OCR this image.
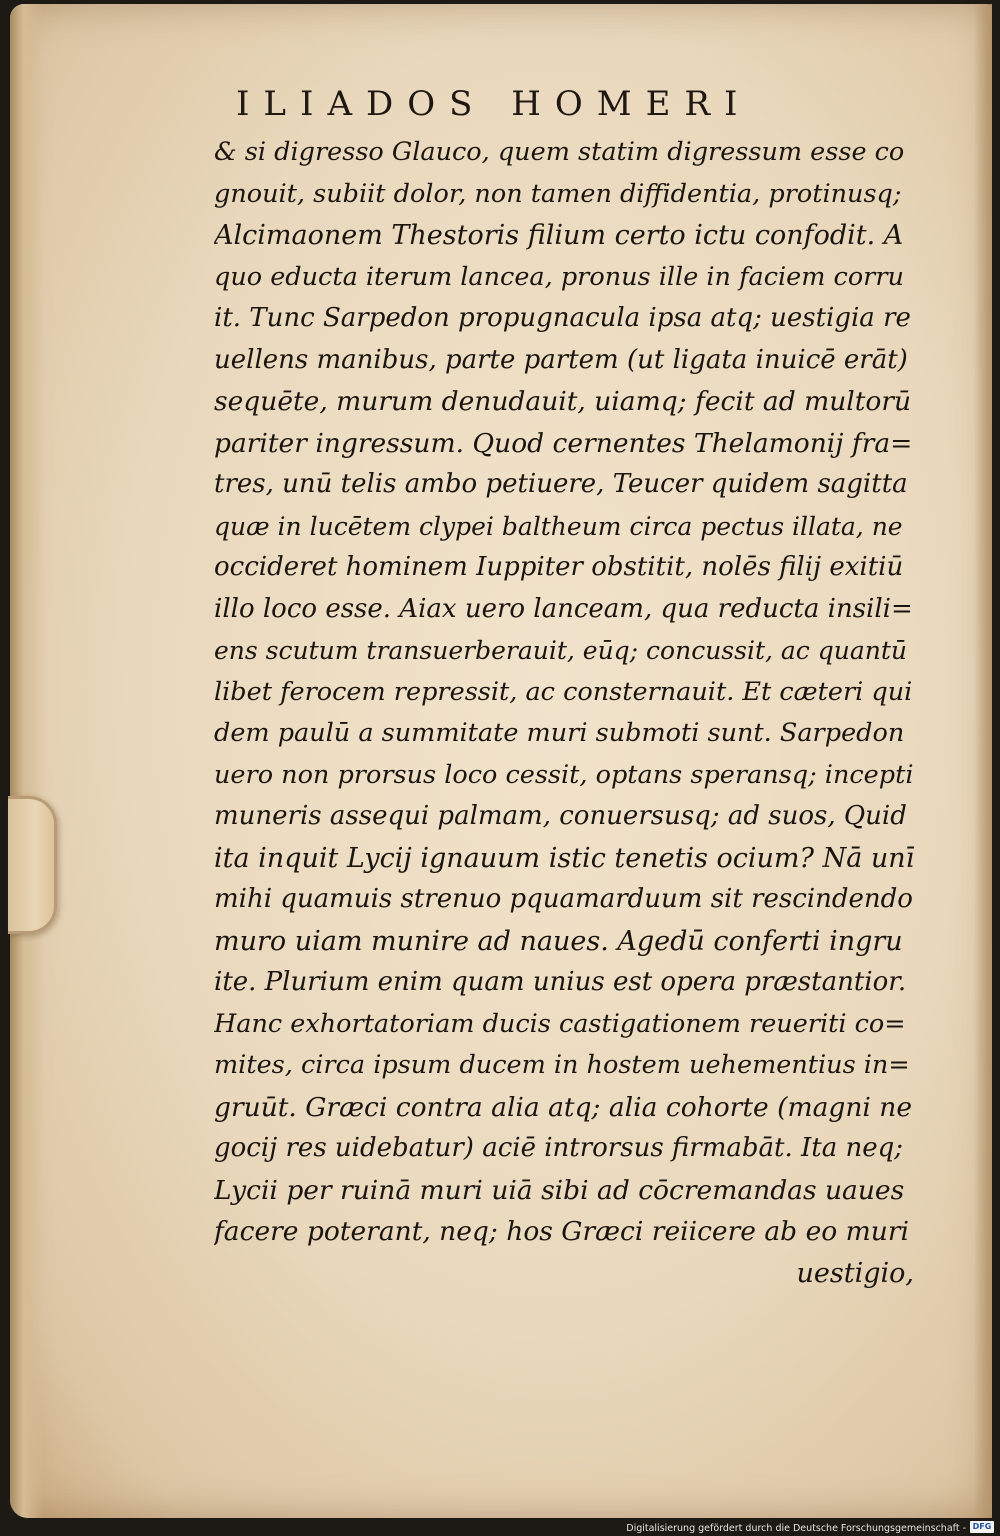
ILIADOS HOMERI
& si digresso Glauco, quem statim digressum esse co
gnouit, subiit dolor, non tamen diffidentia, protinusq;
Alcimaonem Thestoris filium certo ictu confodit. A
quo educta iterum lancea, pronus ille in faciem corru
it. Tunc Sarpedon propugnacula ipsa atq; uestigia re
uellens manibus, parte partem (ut ligata inuicē erāt)
sequēte, murum denudauit, uiamq; fecit ad multorū
pariter ingressum. Quod cernentes Thelamonij fra=
tres, unū telis ambo petiuere, Teucer quidem sagitta
quæ in lucētem clypei baltheum circa pectus illata, ne
occideret hominem Iuppiter obstitit, nolēs filij exitiū
illo loco esse. Aiax uero lanceam, qua reducta insili=
ens scutum transuerberauit, eūq; concussit, ac quantū
libet ferocem repressit, ac consternauit. Et cæteri qui
dem paulū a summitate muri submoti sunt. Sarpedon
uero non prorsus loco cessit, optans speransq; incepti
muneris assequi palmam, conuersusq; ad suos, Quid
ita inquit Lycij ignauum istic tenetis ocium? Nā unī
mihi quamuis strenuo pquamarduum sit rescindendo
muro uiam munire ad naues. Agedū conferti ingru
ite. Plurium enim quam unius est opera præstantior.
Hanc exhortatoriam ducis castigationem reueriti co=
mites, circa ipsum ducem in hostem uehementius in=
gruūt. Græci contra alia atq; alia cohorte (magni ne
gocij res uidebatur) aciē introrsus firmabāt. Ita neq;
Lycii per ruinā muri uiā sibi ad cōcremandas uaues
facere poterant, neq; hos Græci reiicere ab eo muri
uestigio,
Digitalisierung gefördert durch die Deutsche Forschungsgemeinschaft - DFG
